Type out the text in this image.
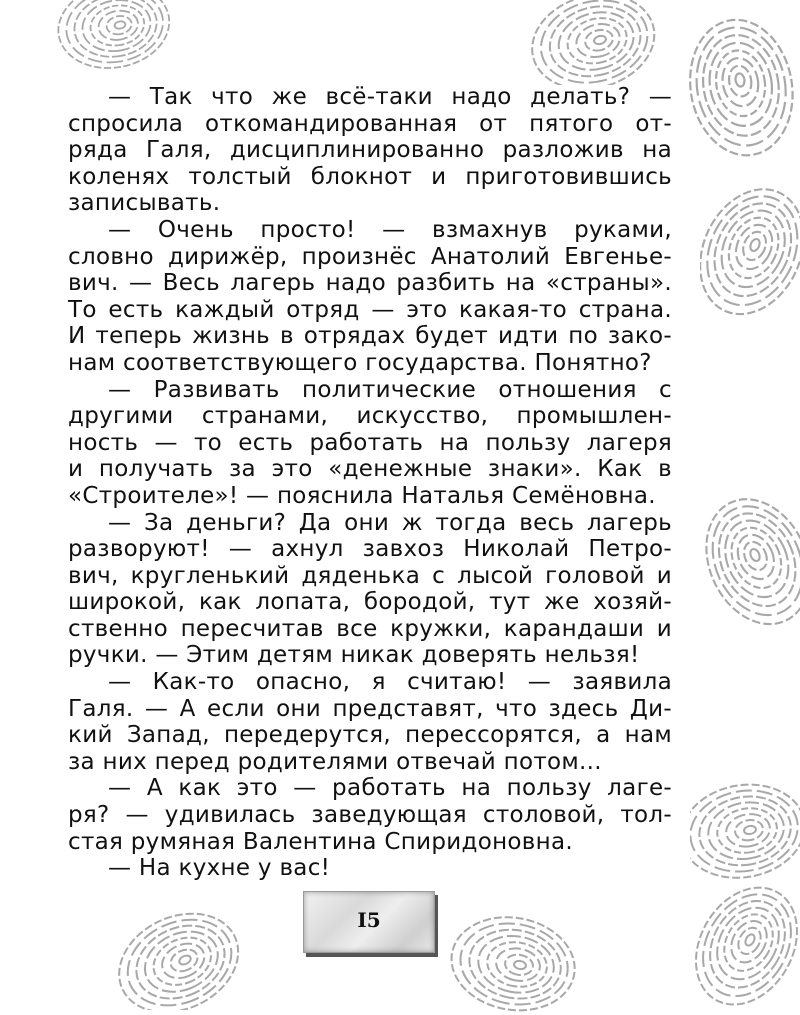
— Так что же всё-таки надо делать? —
спросила откомандированная от пятого от-
ряда Галя, дисциплинированно разложив на
коленях толстый блокнот и приготовившись
записывать.
— Очень просто! — взмахнув руками,
словно дирижёр, произнёс Анатолий Евгенье-
вич. — Весь лагерь надо разбить на «страны».
То есть каждый отряд — это какая-то страна.
И теперь жизнь в отрядах будет идти по зако-
нам соответствующего государства. Понятно?
— Развивать политические отношения с
другими странами, искусство, промышлен-
ность — то есть работать на пользу лагеря
и получать за это «денежные знаки». Как в
«Строителе»! — пояснила Наталья Семёновна.
— За деньги? Да они ж тогда весь лагерь
разворуют! — ахнул завхоз Николай Петро-
вич, кругленький дяденька с лысой головой и
широкой, как лопата, бородой, тут же хозяй-
ственно пересчитав все кружки, карандаши и
ручки. — Этим детям никак доверять нельзя!
— Как-то опасно, я считаю! — заявила
Галя. — А если они представят, что здесь Ди-
кий Запад, передерутся, перессорятся, а нам
за них перед родителями отвечай потом...
— А как это — работать на пользу лаге-
ря? — удивилась заведующая столовой, тол-
стая румяная Валентина Спиридоновна.
— На кухне у вас!
I5
